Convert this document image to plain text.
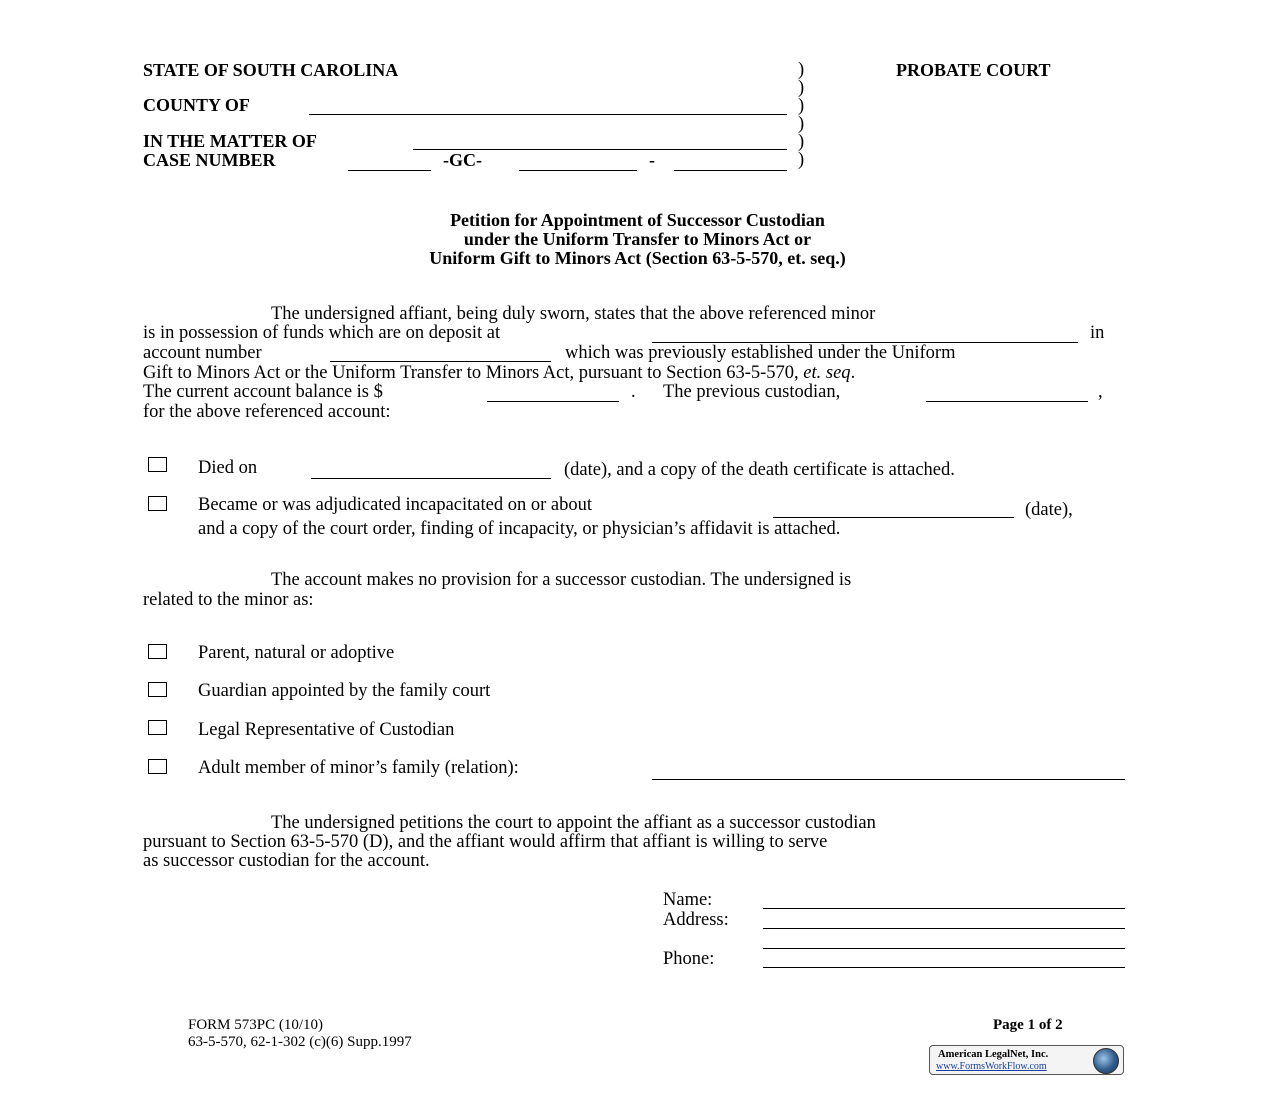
STATE OF SOUTH CAROLINA
COUNTY OF
IN THE MATTER OF
CASE NUMBER	-GC-	-
)
)
)
)
)
)
PROBATE COURT
Petition for Appointment of Successor Custodian
under the Uniform Transfer to Minors Act or
Uniform Gift to Minors Act (Section 63-5-570, et. seq.)
The undersigned affiant, being duly sworn, states that the above referenced minor
is in possession of funds which are on deposit at	in
account number	which was previously established under the Uniform
Gift to Minors Act or the Uniform Transfer to Minors Act, pursuant to Section 63-5-570, et. seq.
The current account balance is $	. The previous custodian,	,
for the above referenced account:
Died on	(date), and a copy of the death certificate is attached.
Became or was adjudicated incapacitated on or about	(date),
and a copy of the court order, finding of incapacity, or physician’s affidavit is attached.
The account makes no provision for a successor custodian. The undersigned is
related to the minor as:
Parent, natural or adoptive
Guardian appointed by the family court
Legal Representative of Custodian
Adult member of minor’s family (relation):
The undersigned petitions the court to appoint the affiant as a successor custodian
pursuant to Section 63-5-570 (D), and the affiant would affirm that affiant is willing to serve
as successor custodian for the account.
Name:
Address:
Phone:
FORM 573PC (10/10)
63-5-570, 62-1-302 (c)(6) Supp.1997
Page 1 of 2
American LegalNet, Inc.
www.FormsWorkFlow.com
